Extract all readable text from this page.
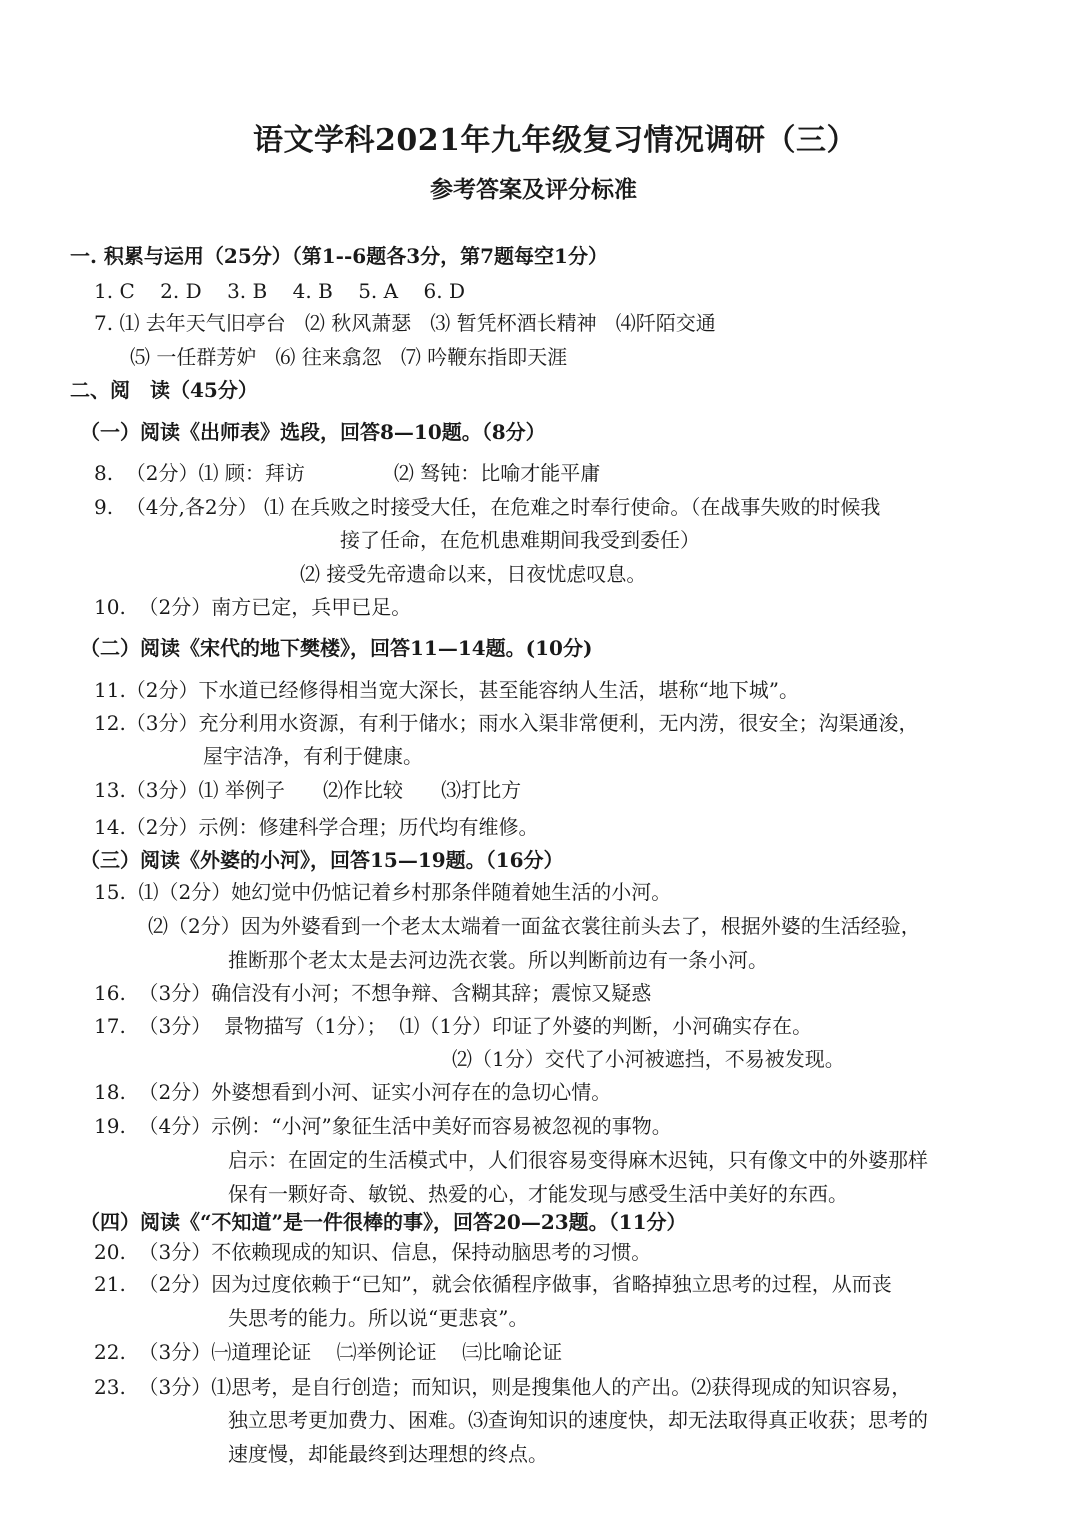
语文学科2021年九年级复习情况调研（三）
参考答案及评分标准
一. 积累与运用（25分）（第1--6题各3分，第7题每空1分）
1. C    2. D    3. B    4. B    5. A    6. D
7. ⑴ 去年天气旧亭台   ⑵ 秋风萧瑟   ⑶ 暂凭杯酒长精神   ⑷阡陌交通
⑸ 一任群芳妒   ⑹ 往来翕忽   ⑺ 吟鞭东指即天涯
二、阅　读（45分）
（一）阅读《出师表》选段，回答8—10题。（8分）
8.  （2分）⑴ 顾：拜访              ⑵ 驽钝：比喻才能平庸
9.  （4分,各2分） ⑴ 在兵败之时接受大任，在危难之时奉行使命。（在战事失败的时候我
接了任命，在危机患难期间我受到委任）
⑵ 接受先帝遗命以来，日夜忧虑叹息。
10.  （2分）南方已定，兵甲已足。
（二）阅读《宋代的地下樊楼》，回答11—14题。(10分)
11.（2分）下水道已经修得相当宽大深长，甚至能容纳人生活，堪称“地下城”。
12.（3分）充分利用水资源，有利于储水；雨水入渠非常便利，无内涝，很安全；沟渠通浚，
屋宇洁净，有利于健康。
13.（3分）⑴ 举例子      ⑵作比较      ⑶打比方
14.（2分）示例：修建科学合理；历代均有维修。
（三）阅读《外婆的小河》，回答15—19题。（16分）
15.  ⑴（2分）她幻觉中仍惦记着乡村那条伴随着她生活的小河。
⑵（2分）因为外婆看到一个老太太端着一面盆衣裳往前头去了，根据外婆的生活经验，
推断那个老太太是去河边洗衣裳。所以判断前边有一条小河。
16.  （3分）确信没有小河；不想争辩、含糊其辞；震惊又疑惑
17.  （3分）  景物描写（1分）；  ⑴（1分）印证了外婆的判断，小河确实存在。
⑵（1分）交代了小河被遮挡，不易被发现。
18.  （2分）外婆想看到小河、证实小河存在的急切心情。
19.  （4分）示例：“小河”象征生活中美好而容易被忽视的事物。
启示：在固定的生活模式中，人们很容易变得麻木迟钝，只有像文中的外婆那样
保有一颗好奇、敏锐、热爱的心，才能发现与感受生活中美好的东西。
（四）阅读《“不知道”是一件很棒的事》，回答20—23题。（11分）
20.  （3分）不依赖现成的知识、信息，保持动脑思考的习惯。
21.  （2分）因为过度依赖于“已知”，就会依循程序做事，省略掉独立思考的过程，从而丧
失思考的能力。所以说“更悲哀”。
22.  （3分）㈠道理论证    ㈡举例论证    ㈢比喻论证
23.  （3分）⑴思考，是自行创造；而知识，则是搜集他人的产出。⑵获得现成的知识容易，
独立思考更加费力、困难。⑶查询知识的速度快，却无法取得真正收获；思考的
速度慢，却能最终到达理想的终点。
